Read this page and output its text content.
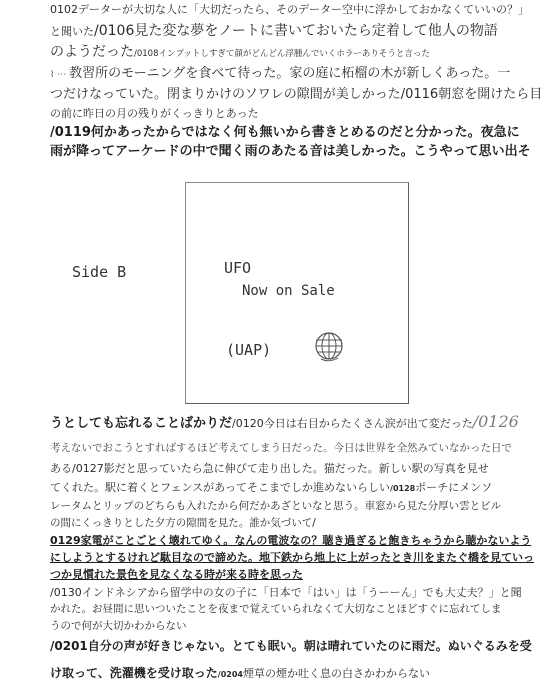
0102データーが大切な人に「大切だったら、そのデーター空中に浮かしておかなくていいの？」
と聞いた/0106見た変な夢をノートに書いておいたら定着して他人の物語
のようだった/0108インプットしすぎて顔がどんどん浮腫んでいくホラーありそうと言った
⌇ ⋯ 教習所のモーニングを食べて待った。家の庭に柘榴の木が新しくあった。一
つだけなっていた。閉まりかけのソワレの隙間が美しかった/0116朝窓を開けたら目
の前に昨日の月の残りがくっきりとあった
/0119何かあったからではなく何も無いから書きとめるのだと分かった。夜急に
雨が降ってアーケードの中で聞く雨のあたる音は美しかった。こうやって思い出そ
Side B	UFO
Now on Sale
(UAP)
うとしても忘れることばかりだ/0120今日は右目からたくさん涙が出て変だった/0126
考えないでおこうとすればするほど考えてしまう日だった。今日は世界を全然みていなかった日で
ある/0127影だと思っていたら急に伸びて走り出した。猫だった。新しい駅の写真を見せ
てくれた。駅に着くとフェンスがあってそこまでしか進めないらしい/0128ポーチにメンソ
レータムとリップのどちらも入れたから何だかあざといなと思う。車窓から見た分厚い雲とビル
の間にくっきりとした夕方の隙間を見た。誰か気づいて/
0129家電がことごとく壊れてゆく。なんの電波なの？聴き過ぎると飽きちゃうから聴かないよう
にしようとするけれど駄目なので諦めた。地下鉄から地上に上がったとき川をまたぐ橋を見ていっ
つか見慣れた景色を見なくなる時が来る時を思った
/0130インドネシアから留学中の女の子に「日本で「はい」は「うーーん」でも大丈夫？」と聞
かれた。お昼間に思いついたことを夜まで覚えていられなくて大切なことほどすぐに忘れてしま
うので何が大切かわからない
/0201自分の声が好きじゃない。とても眠い。朝は晴れていたのに雨だ。ぬいぐるみを受
け取って、洗濯機を受け取った/0204煙草の煙か吐く息の白さかわからない
